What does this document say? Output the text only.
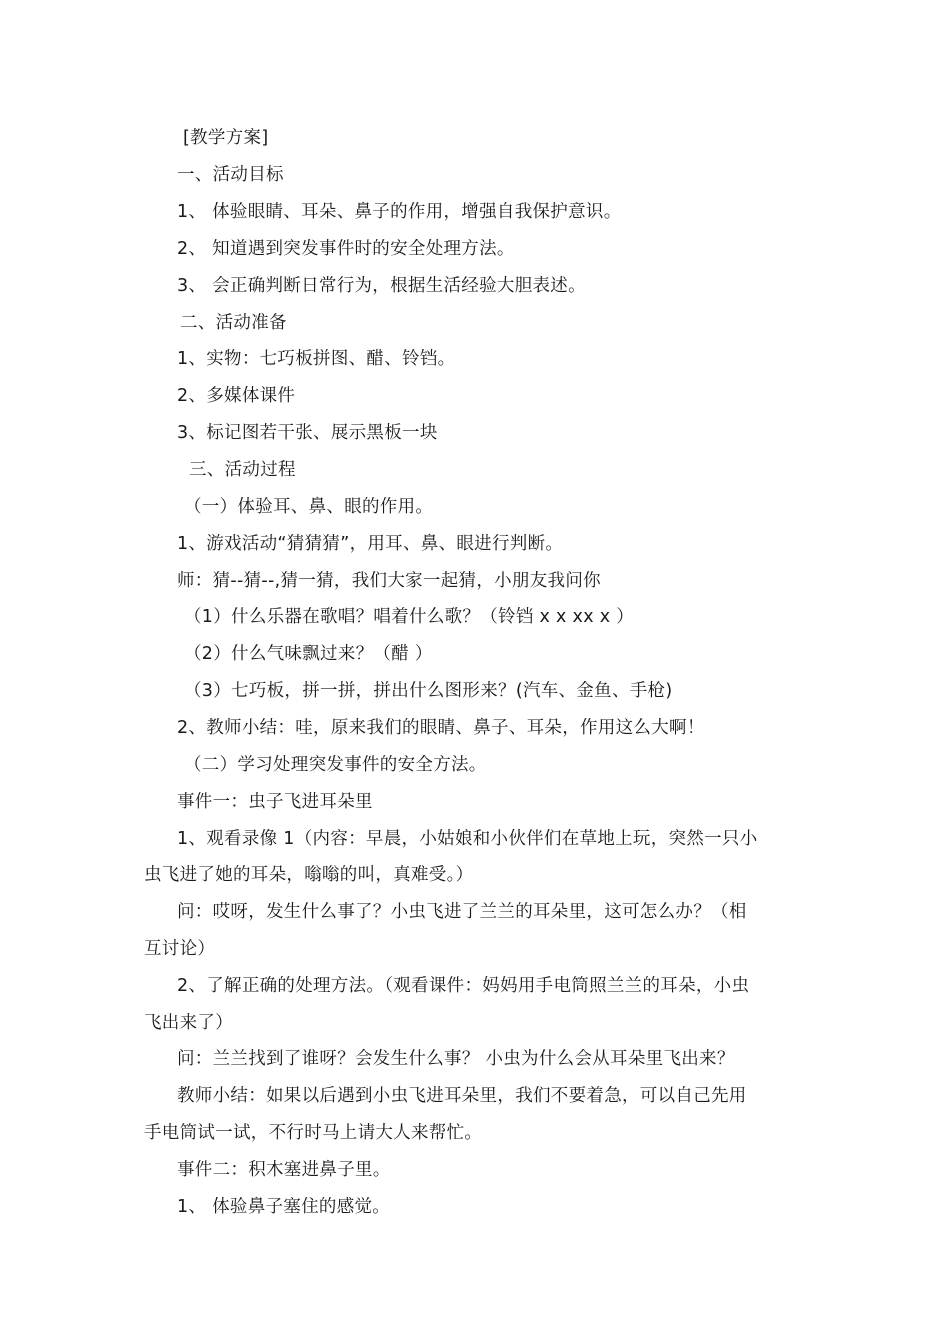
[教学方案]
一、活动目标
1、 体验眼睛、耳朵、鼻子的作用，增强自我保护意识。
2、 知道遇到突发事件时的安全处理方法。
3、 会正确判断日常行为，根据生活经验大胆表述。
二、活动准备
1、实物：七巧板拼图、醋、铃铛。
2、多媒体课件
3、标记图若干张、展示黑板一块
三、活动过程
（一）体验耳、鼻、眼的作用。
1、游戏活动“猜猜猜”，用耳、鼻、眼进行判断。
师：猜--猜--,猜一猜，我们大家一起猜，小朋友我问你
（1）什么乐器在歌唱？唱着什么歌？（铃铛 x x xx x ）
（2）什么气味飘过来？（醋 ）
（3）七巧板，拼一拼，拼出什么图形来？(汽车、金鱼、手枪)
2、教师小结：哇，原来我们的眼睛、鼻子、耳朵，作用这么大啊！
（二）学习处理突发事件的安全方法。
事件一：虫子飞进耳朵里
1、观看录像 1（内容：早晨，小姑娘和小伙伴们在草地上玩，突然一只小
虫飞进了她的耳朵，嗡嗡的叫，真难受。）
问：哎呀，发生什么事了？小虫飞进了兰兰的耳朵里，这可怎么办？（相
互讨论）
2、了解正确的处理方法。（观看课件：妈妈用手电筒照兰兰的耳朵，小虫
飞出来了）
问：兰兰找到了谁呀？会发生什么事？ 小虫为什么会从耳朵里飞出来？
教师小结：如果以后遇到小虫飞进耳朵里，我们不要着急，可以自己先用
手电筒试一试，不行时马上请大人来帮忙。
事件二：积木塞进鼻子里。
1、 体验鼻子塞住的感觉。
